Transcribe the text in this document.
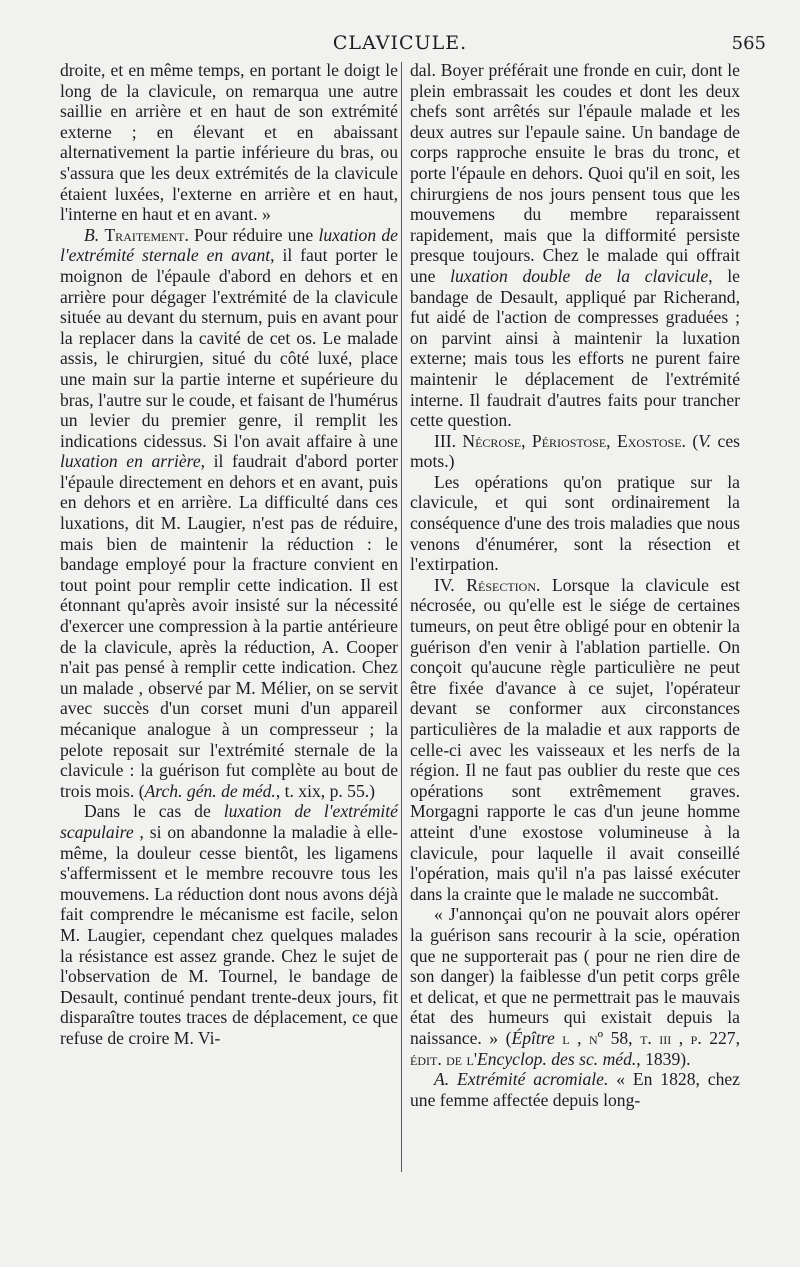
CLAVICULE.	565

droite, et en même temps, en portant le doigt le long de la clavicule, on remarqua une autre saillie en arrière et en haut de son extrémité externe ; en élevant et en abaissant alternativement la partie inférieure du bras, ou s'assura que les deux extrémités de la clavicule étaient luxées, l'externe en arrière et en haut, l'interne en haut et en avant. »

B. Traitement. Pour réduire une luxation de l'extrémité sternale en avant, il faut porter le moignon de l'épaule d'abord en dehors et en arrière pour dégager l'extrémité de la clavicule située au devant du sternum, puis en avant pour la replacer dans la cavité de cet os. Le malade assis, le chirurgien, situé du côté luxé, place une main sur la partie interne et supérieure du bras, l'autre sur le coude, et faisant de l'humérus un levier du premier genre, il remplit les indications cidessus. Si l'on avait affaire à une luxation en arrière, il faudrait d'abord porter l'épaule directement en dehors et en avant, puis en dehors et en arrière. La difficulté dans ces luxations, dit M. Laugier, n'est pas de réduire, mais bien de maintenir la réduction : le bandage employé pour la fracture convient en tout point pour remplir cette indication. Il est étonnant qu'après avoir insisté sur la nécessité d'exercer une compression à la partie antérieure de la clavicule, après la réduction, A. Cooper n'ait pas pensé à remplir cette indication. Chez un malade , observé par M. Mélier, on se servit avec succès d'un corset muni d'un appareil mécanique analogue à un compresseur ; la pelote reposait sur l'extrémité sternale de la clavicule : la guérison fut complète au bout de trois mois. (Arch. gén. de méd., t. xix, p. 55.)

Dans le cas de luxation de l'extrémité scapulaire , si on abandonne la maladie à elle-même, la douleur cesse bientôt, les ligamens s'affermissent et le membre recouvre tous les mouvemens. La réduction dont nous avons déjà fait comprendre le mécanisme est facile, selon M. Laugier, cependant chez quelques malades la résistance est assez grande. Chez le sujet de l'observation de M. Tournel, le bandage de Desault, continué pendant trente-deux jours, fit disparaître toutes traces de déplacement, ce que refuse de croire M. Vi-

dal. Boyer préférait une fronde en cuir, dont le plein embrassait les coudes et dont les deux chefs sont arrêtés sur l'épaule malade et les deux autres sur l'epaule saine. Un bandage de corps rapproche ensuite le bras du tronc, et porte l'épaule en dehors. Quoi qu'il en soit, les chirurgiens de nos jours pensent tous que les mouvemens du membre reparaissent rapidement, mais que la difformité persiste presque toujours. Chez le malade qui offrait une luxation double de la clavicule, le bandage de Desault, appliqué par Richerand, fut aidé de l'action de compresses graduées ; on parvint ainsi à maintenir la luxation externe; mais tous les efforts ne purent faire maintenir le déplacement de l'extrémité interne. Il faudrait d'autres faits pour trancher cette question.

III. Nécrose, Périostose, Exostose. (V. ces mots.)

Les opérations qu'on pratique sur la clavicule, et qui sont ordinairement la conséquence d'une des trois maladies que nous venons d'énumérer, sont la résection et l'extirpation.

IV. Résection. Lorsque la clavicule est nécrosée, ou qu'elle est le siége de certaines tumeurs, on peut être obligé pour en obtenir la guérison d'en venir à l'ablation partielle. On conçoit qu'aucune règle particulière ne peut être fixée d'avance à ce sujet, l'opérateur devant se conformer aux circonstances particulières de la maladie et aux rapports de celle-ci avec les vaisseaux et les nerfs de la région. Il ne faut pas oublier du reste que ces opérations sont extrêmement graves. Morgagni rapporte le cas d'un jeune homme atteint d'une exostose volumineuse à la clavicule, pour laquelle il avait conseillé l'opération, mais qu'il n'a pas laissé exécuter dans la crainte que le malade ne succombât.

« J'annonçai qu'on ne pouvait alors opérer la guérison sans recourir à la scie, opération que ne supporterait pas ( pour ne rien dire de son danger) la faiblesse d'un petit corps grêle et delicat, et que ne permettrait pas le mauvais état des humeurs qui existait depuis la naissance. » (Épître l , nº 58, t. iii , p. 227, édit. de l'Encyclop. des sc. méd., 1839).

A. Extrémité acromiale. « En 1828, chez une femme affectée depuis long-
